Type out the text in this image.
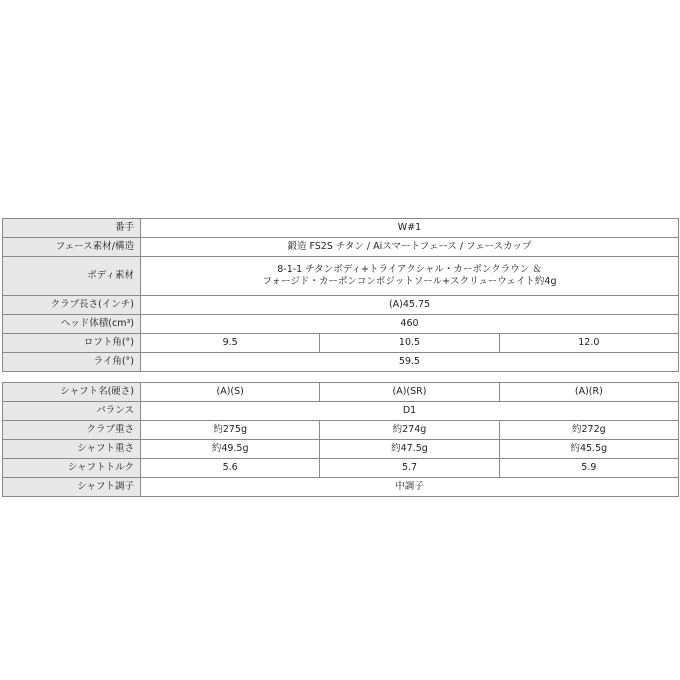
番手	W#1		
フェース素材/構造	鍛造 FS2S チタン / Aiスマートフェース / フェースカップ		
ボディ素材	8-1-1 チタンボディ+トライアクシャル・カーボンクラウン ＆
フォージド・カーボンコンポジットソール+スクリューウェイト約4g		

クラブ長さ(インチ)	(A)45.75		
ヘッド体積(cm³)	460		
ロフト角(°)	9.5	10.5	12.0
ライ角(°)	59.5		
シャフト名(硬さ)	(A)(S)	(A)(SR)	(A)(R)
バランス	D1		
クラブ重さ	約275g	約274g	約272g
シャフト重さ	約49.5g	約47.5g	約45.5g
シャフトトルク	5.6	5.7	5.9
シャフト調子	中調子		
